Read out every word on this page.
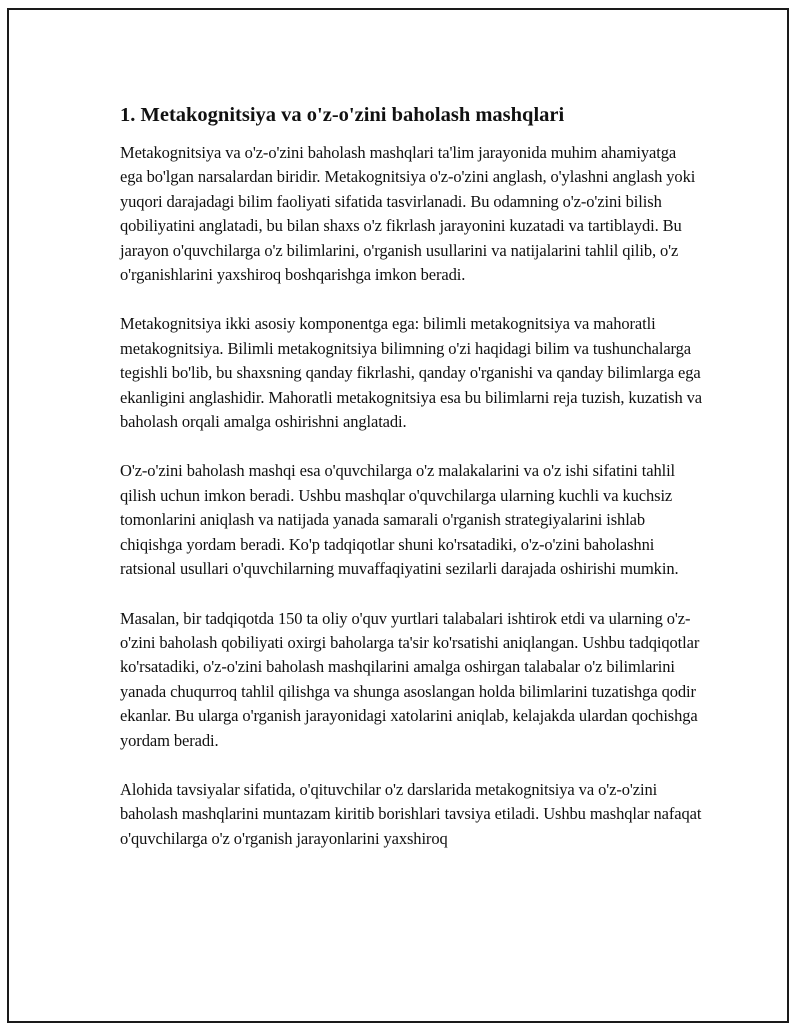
1. Metakognitsiya va o'z-o'zini baholash mashqlari

Metakognitsiya va o'z-o'zini baholash mashqlari ta'lim jarayonida muhim ahamiyatga ega bo'lgan narsalardan biridir. Metakognitsiya o'z-o'zini anglash, o'ylashni anglash yoki yuqori darajadagi bilim faoliyati sifatida tasvirlanadi. Bu odamning o'z-o'zini bilish qobiliyatini anglatadi, bu bilan shaxs o'z fikrlash jarayonini kuzatadi va tartiblaydi. Bu jarayon o'quvchilarga o'z bilimlarini, o'rganish usullarini va natijalarini tahlil qilib, o'z o'rganishlarini yaxshiroq boshqarishga imkon beradi.

Metakognitsiya ikki asosiy komponentga ega: bilimli metakognitsiya va mahoratli metakognitsiya. Bilimli metakognitsiya bilimning o'zi haqidagi bilim va tushunchalarga tegishli bo'lib, bu shaxsning qanday fikrlashi, qanday o'rganishi va qanday bilimlarga ega ekanligini anglashidir. Mahoratli metakognitsiya esa bu bilimlarni reja tuzish, kuzatish va baholash orqali amalga oshirishni anglatadi.

O'z-o'zini baholash mashqi esa o'quvchilarga o'z malakalarini va o'z ishi sifatini tahlil qilish uchun imkon beradi. Ushbu mashqlar o'quvchilarga ularning kuchli va kuchsiz tomonlarini aniqlash va natijada yanada samarali o'rganish strategiyalarini ishlab chiqishga yordam beradi. Ko'p tadqiqotlar shuni ko'rsatadiki, o'z-o'zini baholashni ratsional usullari o'quvchilarning muvaffaqiyatini sezilarli darajada oshirishi mumkin.

Masalan, bir tadqiqotda 150 ta oliy o'quv yurtlari talabalari ishtirok etdi va ularning o'z-o'zini baholash qobiliyati oxirgi baholarga ta'sir ko'rsatishi aniqlangan. Ushbu tadqiqotlar ko'rsatadiki, o'z-o'zini baholash mashqilarini amalga oshirgan talabalar o'z bilimlarini yanada chuqurroq tahlil qilishga va shunga asoslangan holda bilimlarini tuzatishga qodir ekanlar. Bu ularga o'rganish jarayonidagi xatolarini aniqlab, kelajakda ulardan qochishga yordam beradi.

Alohida tavsiyalar sifatida, o'qituvchilar o'z darslarida metakognitsiya va o'z-o'zini baholash mashqlarini muntazam kiritib borishlari tavsiya etiladi. Ushbu mashqlar nafaqat o'quvchilarga o'z o'rganish jarayonlarini yaxshiroq
